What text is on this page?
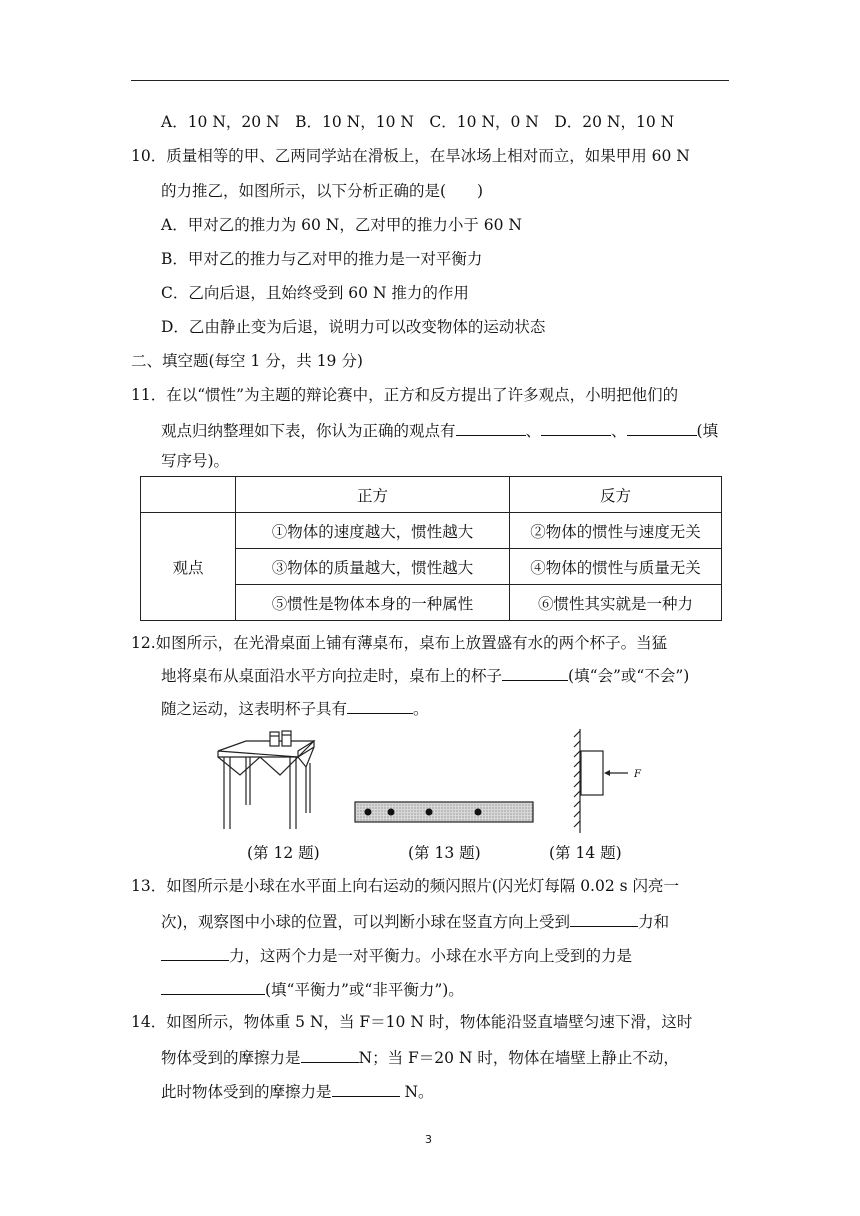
A．10 N，20 N　B．10 N，10 N　C．10 N，0 N　D．20 N，10 N
10．质量相等的甲、乙两同学站在滑板上，在旱冰场上相对而立，如果甲用 60 N
的力推乙，如图所示，以下分析正确的是(　　)
A．甲对乙的推力为 60 N，乙对甲的推力小于 60 N
B．甲对乙的推力与乙对甲的推力是一对平衡力
C．乙向后退，且始终受到 60 N 推力的作用
D．乙由静止变为后退，说明力可以改变物体的运动状态
二、填空题(每空 1 分，共 19 分)
11．在以“惯性”为主题的辩论赛中，正方和反方提出了许多观点，小明把他们的
观点归纳整理如下表，你认为正确的观点有	、	、	(填
写序号)。
	正方	反方
观点	①物体的速度越大，惯性越大	②物体的惯性与速度无关
	③物体的质量越大，惯性越大	④物体的惯性与质量无关
	⑤惯性是物体本身的一种属性	⑥惯性其实就是一种力
12.如图所示，在光滑桌面上铺有薄桌布，桌布上放置盛有水的两个杯子。当猛
地将桌布从桌面沿水平方向拉走时，桌布上的杯子	(填“会”或“不会”)
随之运动，这表明杯子具有	。
F
(第 12 题)	(第 13 题)	(第 14 题)
13．如图所示是小球在水平面上向右运动的频闪照片(闪光灯每隔 0.02 s 闪亮一
次)，观察图中小球的位置，可以判断小球在竖直方向上受到	力和
力，这两个力是一对平衡力。小球在水平方向上受到的力是
(填“平衡力”或“非平衡力”)。
14．如图所示，物体重 5 N，当 F＝10 N 时，物体能沿竖直墙壁匀速下滑，这时
物体受到的摩擦力是	N；当 F＝20 N 时，物体在墙壁上静止不动，
此时物体受到的摩擦力是	N。
3
